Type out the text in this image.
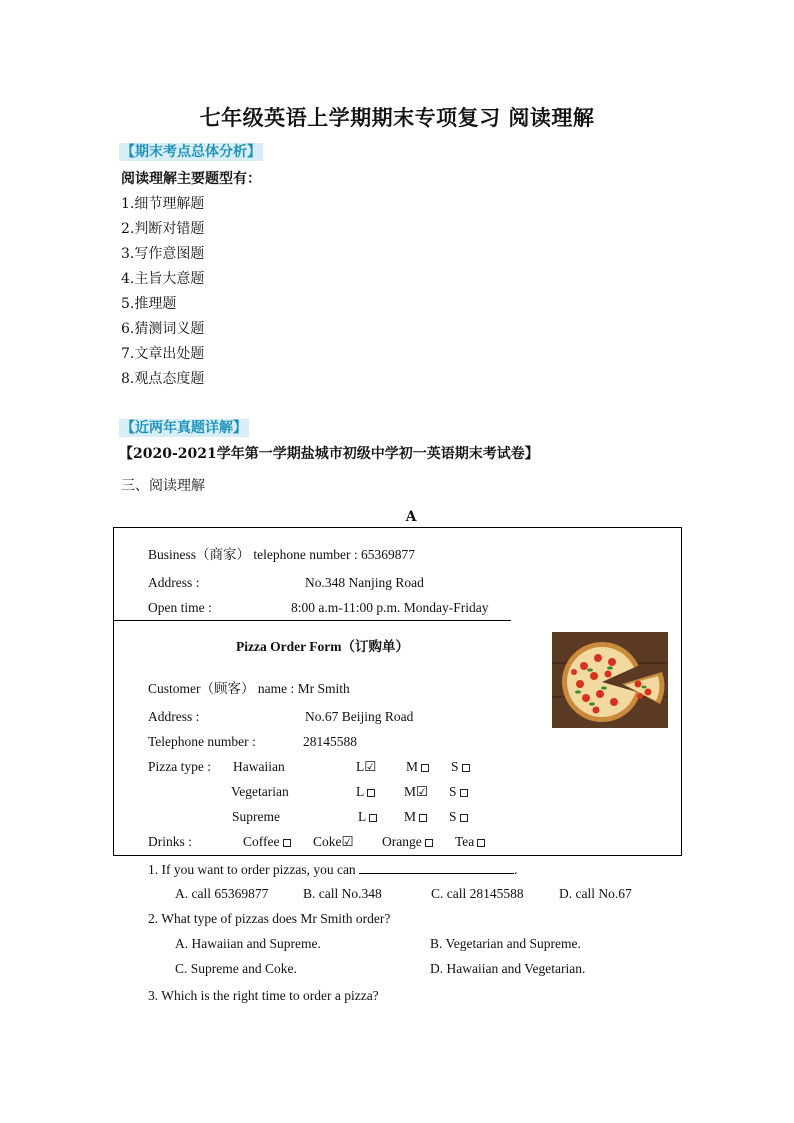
七年级英语上学期期末专项复习 阅读理解
【期末考点总体分析】
阅读理解主要题型有：
1.细节理解题
2.判断对错题
3.写作意图题
4.主旨大意题
5.推理题
6.猜测词义题
7.文章出处题
8.观点态度题
【近两年真题详解】
【2020-2021学年第一学期盐城市初级中学初一英语期末考试卷】
三、阅读理解
A
Business（商家） telephone number : 65369877
Address :	No.348 Nanjing Road
Open time :	8:00 a.m-11:00 p.m. Monday-Friday
Pizza Order Form（订购单）
Customer（顾客） name : Mr Smith
Address :	No.67 Beijing Road
Telephone number :	28145588
Pizza type : Hawaiian	L☑ M	S
Vegetarian	L	M☑ S
Supreme	L	M	S
Drinks :	Coffee	Coke☑ Orange	Tea
1. If you want to order pizzas, you can	.
A. call 65369877	B. call No.348	C. call 28145588	D. call No.67
2. What type of pizzas does Mr Smith order?
A. Hawaiian and Supreme.	B. Vegetarian and Supreme.
C. Supreme and Coke.	D. Hawaiian and Vegetarian.
3. Which is the right time to order a pizza?
